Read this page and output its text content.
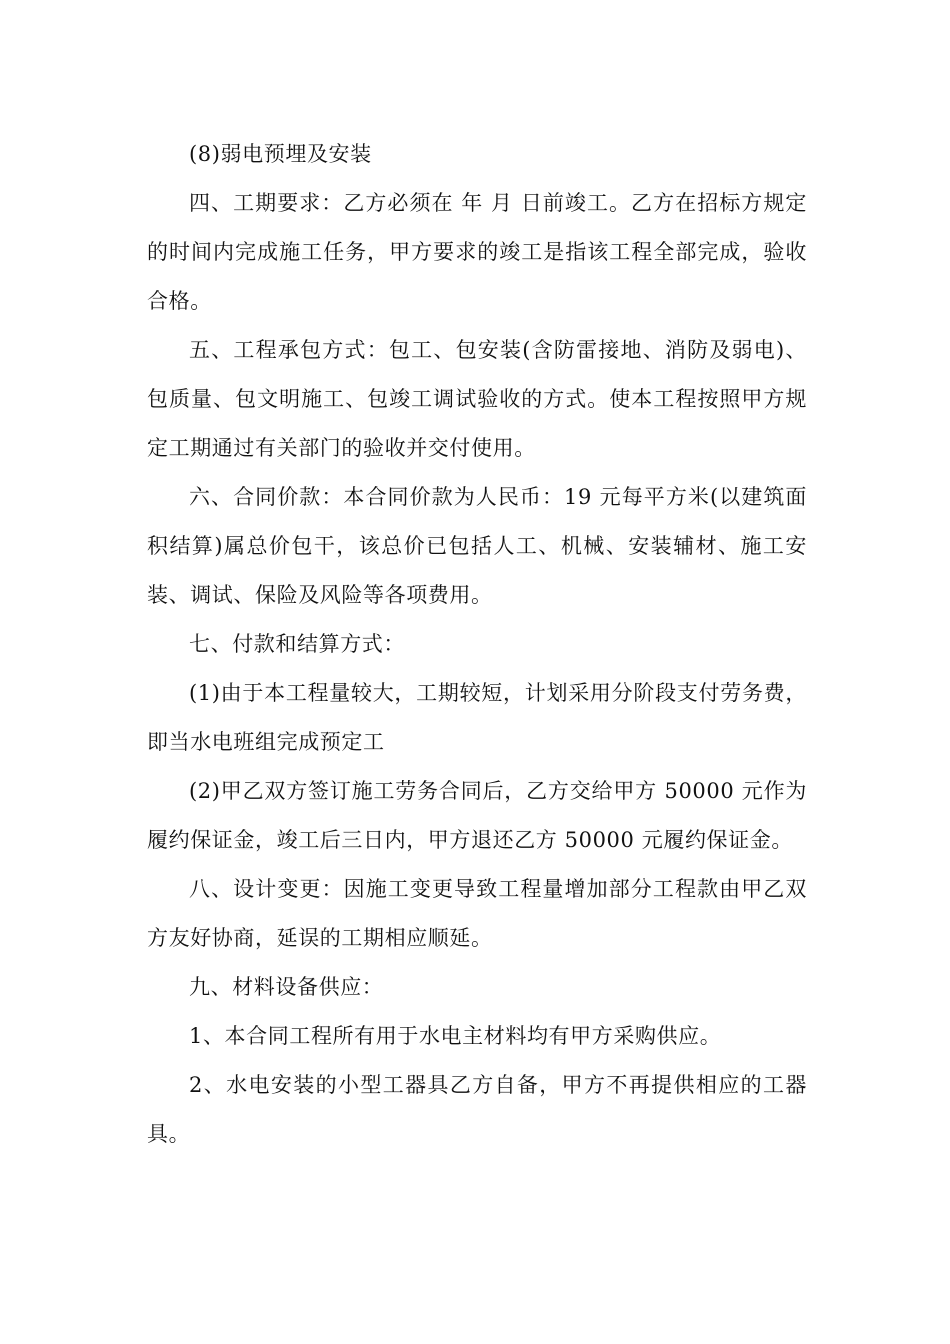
(8)弱电预埋及安装

四、工期要求：乙方必须在 年 月 日前竣工。乙方在招标方规定的时间内完成施工任务，甲方要求的竣工是指该工程全部完成，验收合格。

五、工程承包方式：包工、包安装(含防雷接地、消防及弱电)、包质量、包文明施工、包竣工调试验收的方式。使本工程按照甲方规定工期通过有关部门的验收并交付使用。

六、合同价款：本合同价款为人民币：19 元每平方米(以建筑面积结算)属总价包干，该总价已包括人工、机械、安装辅材、施工安装、调试、保险及风险等各项费用。

七、付款和结算方式：

(1)由于本工程量较大，工期较短，计划采用分阶段支付劳务费，即当水电班组完成预定工

(2)甲乙双方签订施工劳务合同后，乙方交给甲方 50000 元作为履约保证金，竣工后三日内，甲方退还乙方 50000 元履约保证金。

八、设计变更：因施工变更导致工程量增加部分工程款由甲乙双方友好协商，延误的工期相应顺延。

九、材料设备供应：

1、本合同工程所有用于水电主材料均有甲方采购供应。

2、水电安装的小型工器具乙方自备，甲方不再提供相应的工器具。
